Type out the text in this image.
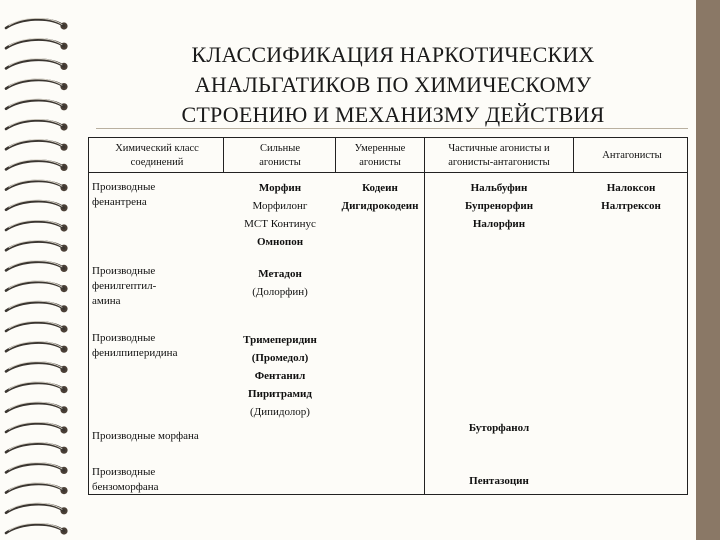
КЛАССИФИКАЦИЯ НАРКОТИЧЕСКИХ
АНАЛЬГАТИКОВ ПО ХИМИЧЕСКОМУ
СТРОЕНИЮ И МЕХАНИЗМУ ДЕЙСТВИЯ
Химический класс
соединений
Сильные
агонисты
Умеренные
агонисты
Частичные агонисты и
агонисты-антагонисты
Антагонисты
Производные
фенантрена
Производные
фенилгептил-
амина
Производные
фенилпиперидина
Производные морфана
Производные
бензоморфана
Морфин
Морфилонг
МСТ Континус
Омнопон
Метадон
(Долорфин)
Тримеперидин
(Промедол)
Фентанил
Пиритрамид
(Дипидолор)
Кодеин
Дигидрокодеин
Нальбуфин
Бупренорфин
Налорфин
Буторфанол
Пентазоцин
Налоксон
Налтрексон
